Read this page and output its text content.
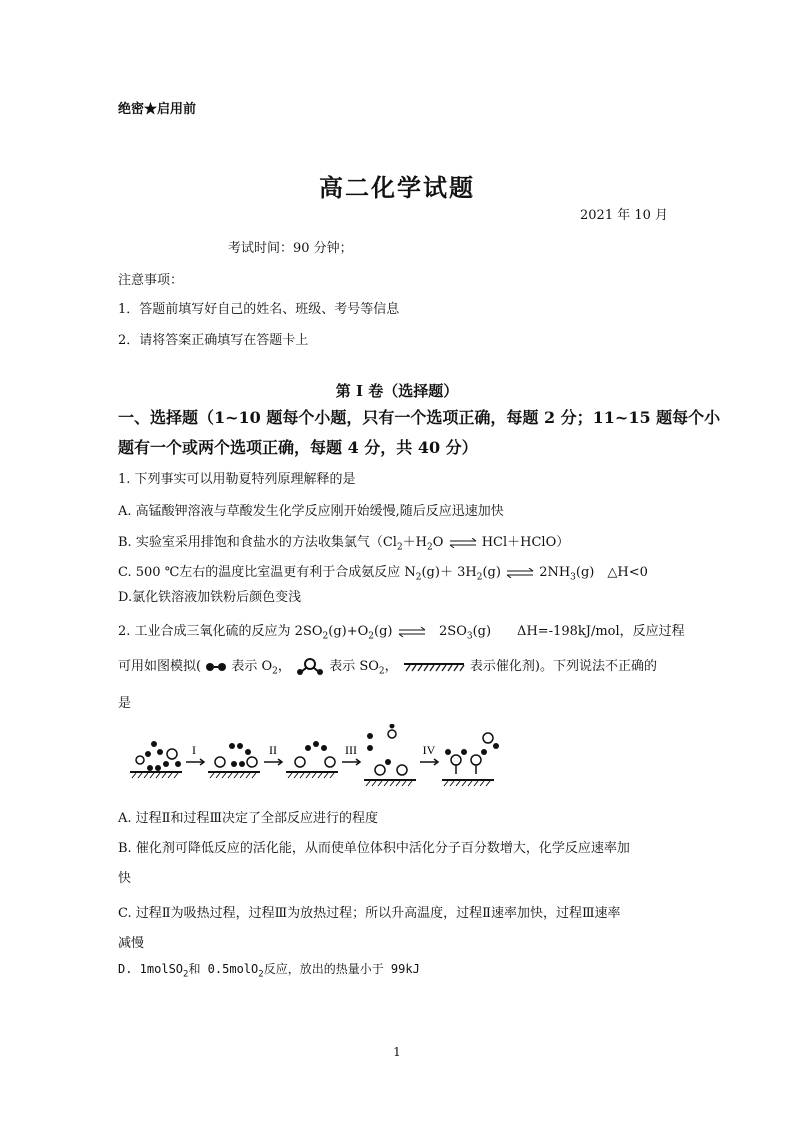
绝密★启用前
高二化学试题
2021 年 10 月
考试时间：90 分钟；
注意事项：
1．答题前填写好自己的姓名、班级、考号等信息
2．请将答案正确填写在答题卡上
第 I 卷（选择题）
一、选择题（1~10 题每个小题，只有一个选项正确，每题 2 分；11~15 题每个小
题有一个或两个选项正确，每题 4 分，共 40 分）
1. 下列事实可以用勒夏特列原理解释的是
A. 高锰酸钾溶液与草酸发生化学反应刚开始缓慢,随后反应迅速加快
B. 实验室采用排饱和食盐水的方法收集氯气（$Cl_2+H_2O$ ⇌ HCl＋HClO）
C. 500 ℃左右的温度比室温更有利于合成氨反应 $N_2(g)+ 3H_2(g)$ ⇌ $2NH_3(g)$　△H<0
D.氯化铁溶液加铁粉后颜色变浅
2. 工业合成三氧化硫的反应为 $2SO_2(g)+O_2(g)$ ⇌ $2SO_3(g)$　　ΔH=-198kJ/mol，反应过程
可用如图模拟( 表示 $O_2$，	表示 $SO_2$，	表示催化剂)。下列说法不正确的
是
I	II	III	IV
A. 过程Ⅱ和过程Ⅲ决定了全部反应进行的程度
B. 催化剂可降低反应的活化能，从而使单位体积中活化分子百分数增大，化学反应速率加
快
C. 过程Ⅱ为吸热过程，过程Ⅲ为放热过程；所以升高温度，过程Ⅱ速率加快，过程Ⅲ速率
减慢
D. 1molSO$_2$和 0.5molO$_2$反应，放出的热量小于 99kJ
1
